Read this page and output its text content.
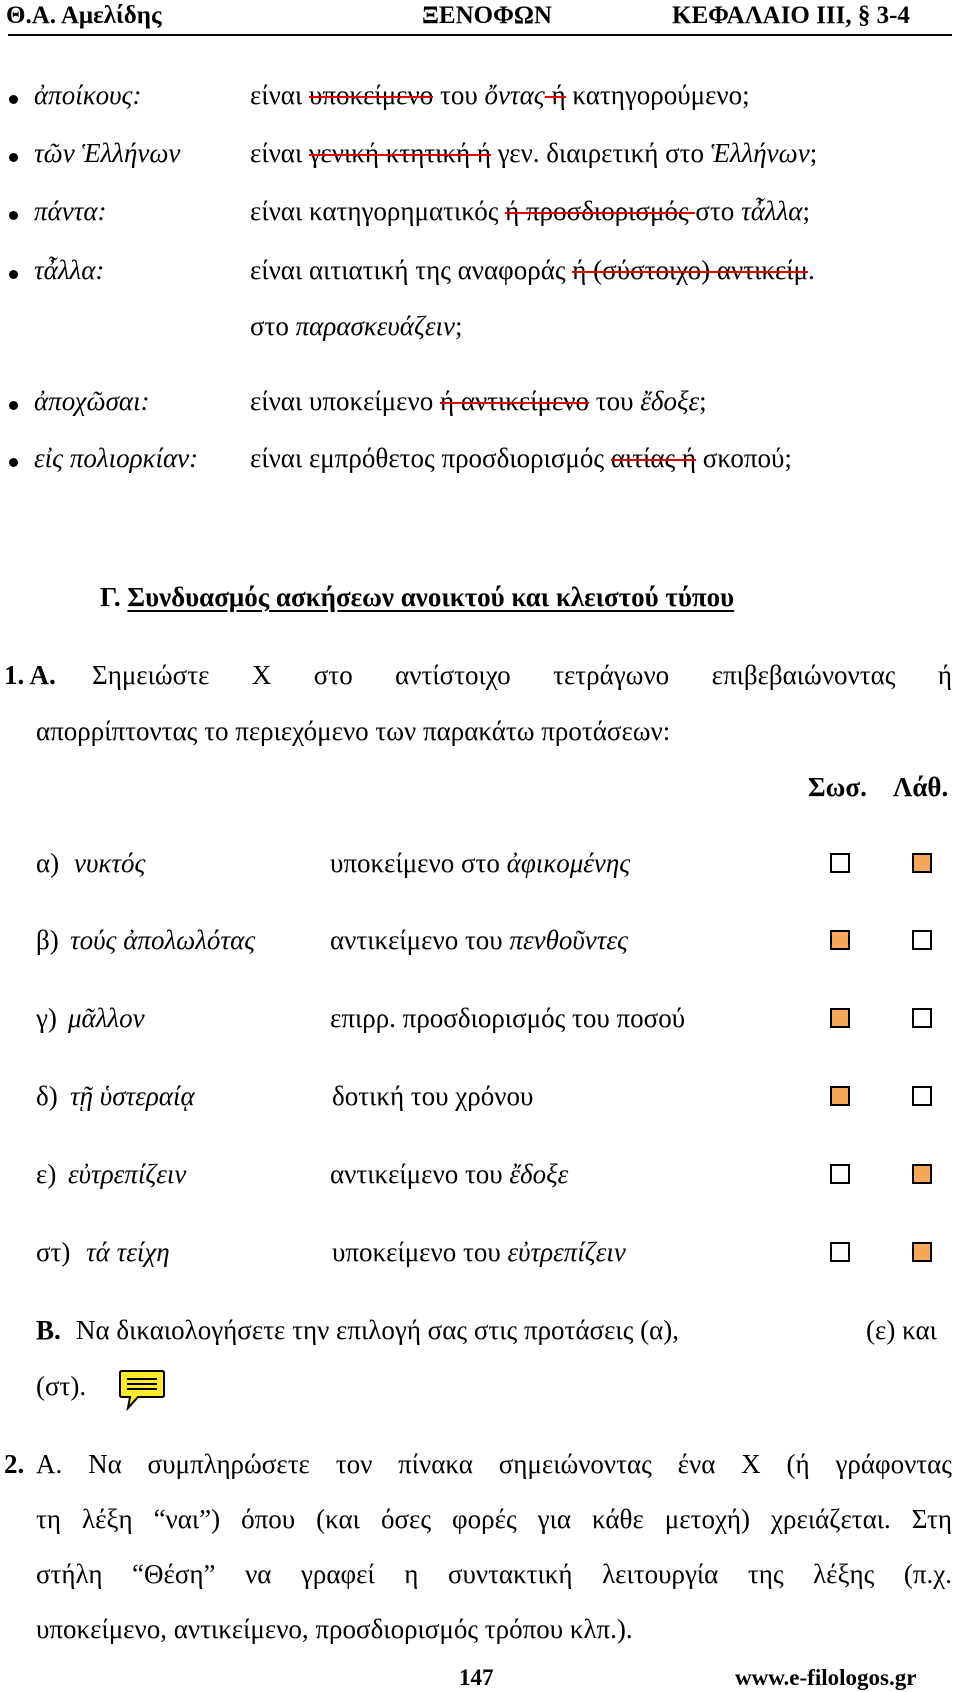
Θ.Α. Αμελίδης	ΞΕΝΟΦΩΝ	ΚΕΦΑΛΑΙΟ ΙΙΙ, § 3-4
ἀποίκους:	είναι υποκείμενο του ὄντας ή κατηγορούμενο;
τῶν Ἑλλήνων	είναι γενική κτητική ή γεν. διαιρετική στο Ἑλλήνων;
πάντα:	είναι κατηγορηματικός ή προσδιορισμός στο τἆλλα;
τἆλλα:	είναι αιτιατική της αναφοράς ή (σύστοιχο) αντικείμ.
στο παρασκευάζειν;
ἀποχῶσαι:	είναι υποκείμενο ή αντικείμενο του ἔδοξε;
εἰς πολιορκίαν: είναι εμπρόθετος προσδιορισμός αιτίας ή σκοπού;
Γ. Συνδυασμός ασκήσεων ανοικτού και κλειστού τύπου
1. Α. Σημειώστε Χ στο αντίστοιχο τετράγωνο επιβεβαιώνοντας ή
απορρίπτοντας το περιεχόμενο των παρακάτω προτάσεων:
Σωσ. Λάθ.
α) νυκτός	υποκείμενο στο ἀφικομένης
β) τούς ἀπολωλότας	αντικείμενο του πενθοῦντες
γ) μᾶλλον	επιρρ. προσδιορισμός του ποσού
δ) τῇ ὑστεραίᾳ	δοτική του χρόνου
ε) εὐτρεπίζειν	αντικείμενο του ἔδοξε
στ) τά τείχη	υποκείμενο του εὐτρεπίζειν
Β. Να δικαιολογήσετε την επιλογή σας στις προτάσεις (α),	(ε) και
(στ).
2. Α. Να συμπληρώσετε τον πίνακα σημειώνοντας ένα Χ (ή γράφοντας
τη λέξη “ναι”) όπου (και όσες φορές για κάθε μετοχή) χρειάζεται. Στη
στήλη “Θέση” να γραφεί η συντακτική λειτουργία της λέξης (π.χ.
υποκείμενο, αντικείμενο, προσδιορισμός τρόπου κλπ.).
147	www.e-filologos.gr
